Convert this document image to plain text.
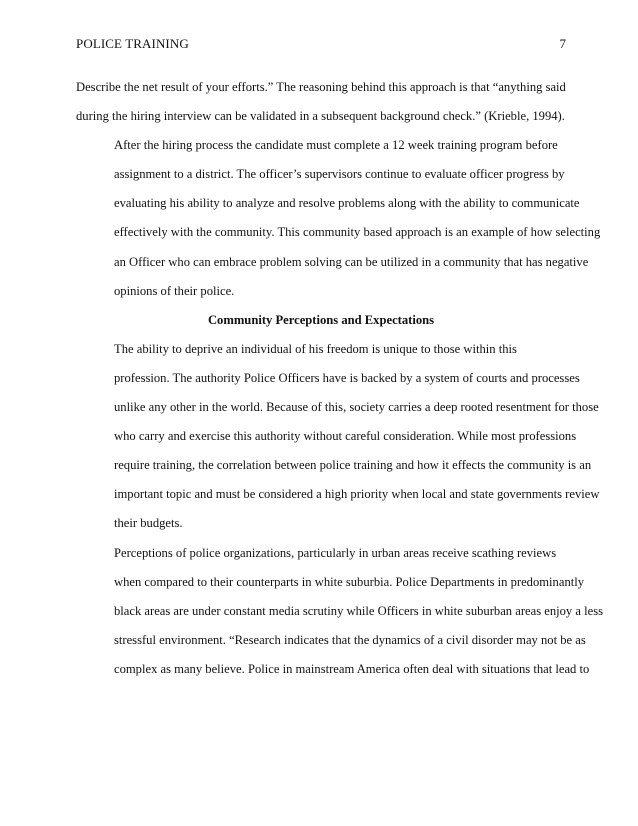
POLICE TRAINING	7

Describe the net result of your efforts.” The reasoning behind this approach is that “anything said
during the hiring interview can be validated in a subsequent background check.” (Krieble, 1994).

After the hiring process the candidate must complete a 12 week training program before
assignment to a district. The officer’s supervisors continue to evaluate officer progress by
evaluating his ability to analyze and resolve problems along with the ability to communicate
effectively with the community. This community based approach is an example of how selecting
an Officer who can embrace problem solving can be utilized in a community that has negative
opinions of their police.

Community Perceptions and Expectations

The ability to deprive an individual of his freedom is unique to those within this
profession. The authority Police Officers have is backed by a system of courts and processes
unlike any other in the world. Because of this, society carries a deep rooted resentment for those
who carry and exercise this authority without careful consideration. While most professions
require training, the correlation between police training and how it effects the community is an
important topic and must be considered a high priority when local and state governments review
their budgets.

Perceptions of police organizations, particularly in urban areas receive scathing reviews
when compared to their counterparts in white suburbia. Police Departments in predominantly
black areas are under constant media scrutiny while Officers in white suburban areas enjoy a less
stressful environment. “Research indicates that the dynamics of a civil disorder may not be as
complex as many believe. Police in mainstream America often deal with situations that lead to
